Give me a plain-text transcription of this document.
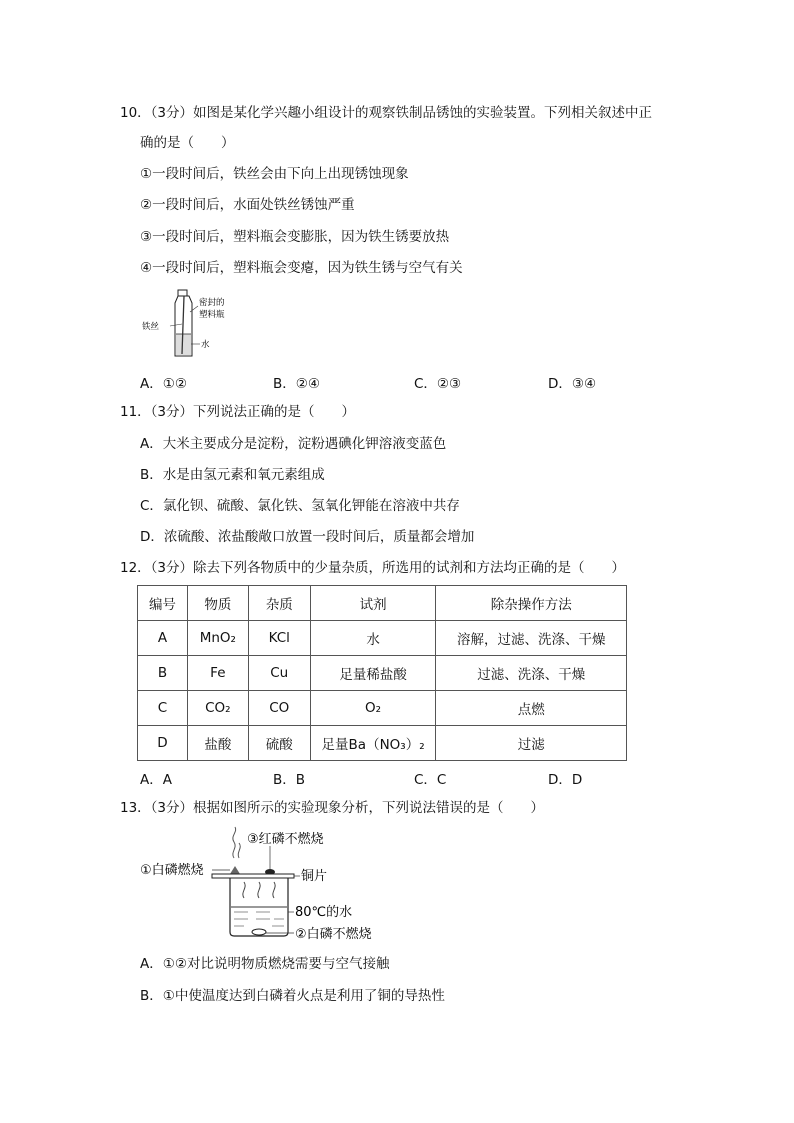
10．（3分）如图是某化学兴趣小组设计的观察铁制品锈蚀的实验装置。下列相关叙述中正
确的是（　　）
①一段时间后，铁丝会由下向上出现锈蚀现象
②一段时间后，水面处铁丝锈蚀严重
③一段时间后，塑料瓶会变膨胀，因为铁生锈要放热
④一段时间后，塑料瓶会变瘪，因为铁生锈与空气有关
密封的
塑料瓶
铁丝
水
A．①②	B．②④	C．②③	D．③④
11．（3分）下列说法正确的是（　　）
A．大米主要成分是淀粉，淀粉遇碘化钾溶液变蓝色
B．水是由氢元素和氧元素组成
C．氯化钡、硫酸、氯化铁、氢氧化钾能在溶液中共存
D．浓硫酸、浓盐酸敞口放置一段时间后，质量都会增加
12．（3分）除去下列各物质中的少量杂质，所选用的试剂和方法均正确的是（　　）
编号	物质	杂质	试剂	除杂操作方法
A	MnO₂	KCl	水	溶解，过滤、洗涤、干燥
B	Fe	Cu	足量稀盐酸	过滤、洗涤、干燥
C	CO₂	CO	O₂	点燃
D	盐酸	硫酸	足量Ba（NO₃）₂	过滤
A．A	B．B	C．C	D．D
13．（3分）根据如图所示的实验现象分析，下列说法错误的是（　　）
③红磷不燃烧
①白磷燃烧	铜片
80℃的水
②白磷不燃烧
A．①②对比说明物质燃烧需要与空气接触
B．①中使温度达到白磷着火点是利用了铜的导热性
